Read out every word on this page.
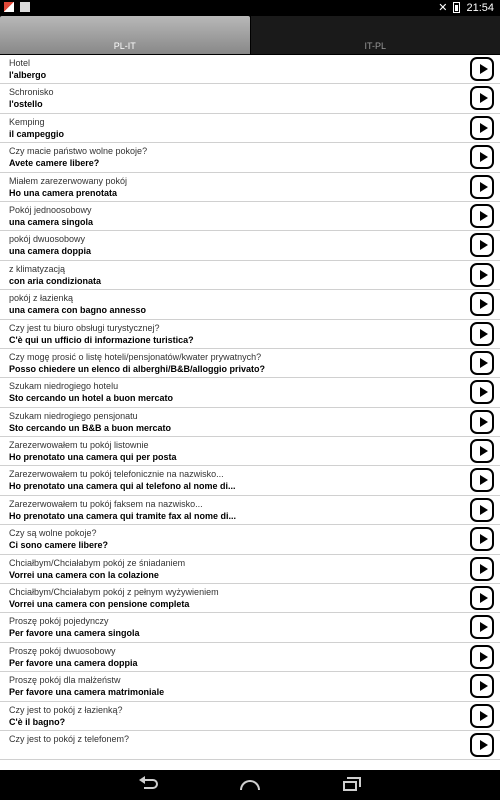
✕ 21:54
PL-IT	IT-PL
Hotel
l'albergo
Schronisko
l'ostello
Kemping
il campeggio
Czy macie państwo wolne pokoje?
Avete camere libere?
Miałem zarezerwowany pokój
Ho una camera prenotata
Pokój jednoosobowy
una camera singola
pokój dwuosobowy
una camera doppia
z klimatyzacją
con aria condizionata
pokój z łazienką
una camera con bagno annesso
Czy jest tu biuro obsługi turystycznej?
C'è qui un ufficio di informazione turistica?
Czy mogę prosić o listę hoteli/pensjonatów/kwater prywatnych?
Posso chiedere un elenco di alberghi/B&B/alloggio privato?
Szukam niedrogiego hotelu
Sto cercando un hotel a buon mercato
Szukam niedrogiego pensjonatu
Sto cercando un B&B a buon mercato
Zarezerwowałem tu pokój listownie
Ho prenotato una camera qui per posta
Zarezerwowałem tu pokój telefonicznie na nazwisko...
Ho prenotato una camera qui al telefono al nome di...
Zarezerwowałem tu pokój faksem na nazwisko...
Ho prenotato una camera qui tramite fax al nome di...
Czy są wolne pokoje?
Ci sono camere libere?
Chciałbym/Chciałabym pokój ze śniadaniem
Vorrei una camera con la colazione
Chciałbym/Chciałabym pokój z pełnym wyżywieniem
Vorrei una camera con pensione completa
Proszę pokój pojedynczy
Per favore una camera singola
Proszę pokój dwuosobowy
Per favore una camera doppia
Proszę pokój dla małżeństw
Per favore una camera matrimoniale
Czy jest to pokój z łazienką?
C'è il bagno?
Czy jest to pokój z telefonem?
